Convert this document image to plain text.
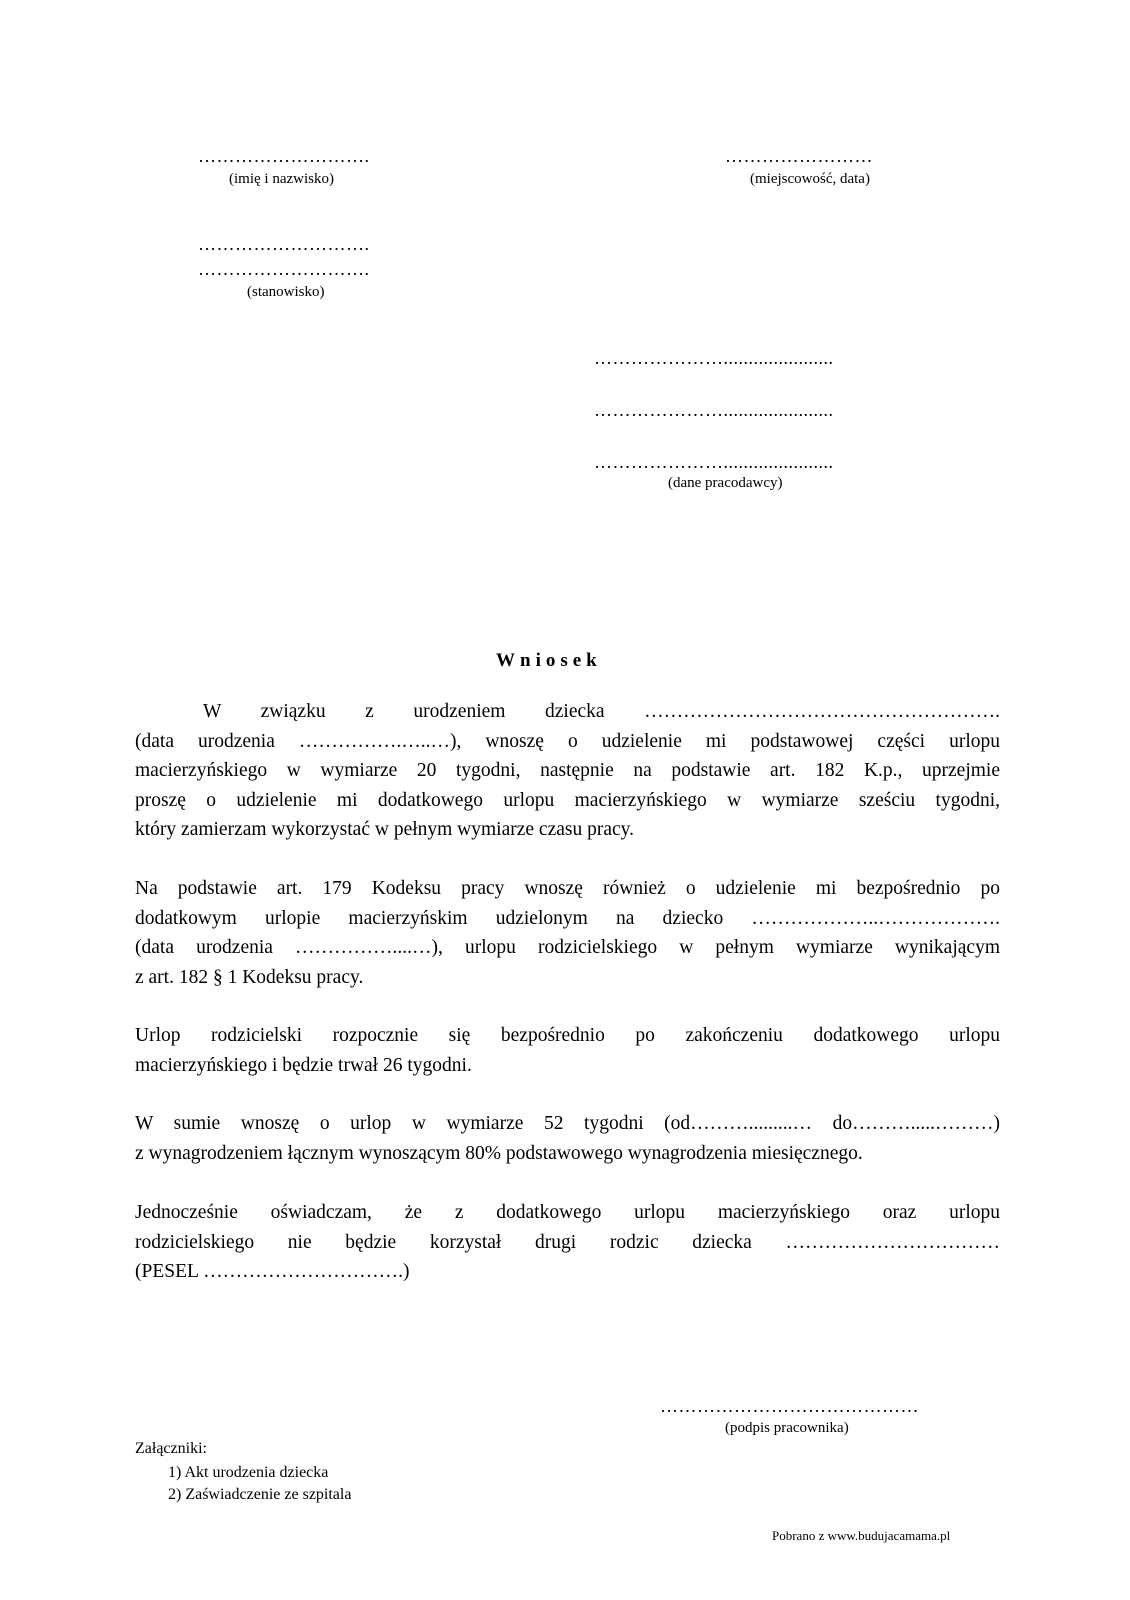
……………………….
(imię i nazwisko)
……………………
(miejscowość, data)
……………………….
……………………….
(stanowisko)
…………………......................
…………………......................
…………………......................
(dane pracodawcy)
Wniosek
W związku z urodzeniem dziecka ……………………………………………….
(data urodzenia …………….…..…), wnoszę o udzielenie mi podstawowej części urlopu
macierzyńskiego w wymiarze 20 tygodni, następnie na podstawie art. 182 K.p., uprzejmie
proszę o udzielenie mi dodatkowego urlopu macierzyńskiego w wymiarze sześciu tygodni,
który zamierzam wykorzystać w pełnym wymiarze czasu pracy.
Na podstawie art. 179 Kodeksu pracy wnoszę również o udzielenie mi bezpośrednio po
dodatkowym urlopie macierzyńskim udzielonym na dziecko ………………..……………….
(data urodzenia ……………....…), urlopu rodzicielskiego w pełnym wymiarze wynikającym
z art. 182 § 1 Kodeksu pracy.
Urlop rodzicielski rozpocznie się bezpośrednio po zakończeniu dodatkowego urlopu
macierzyńskiego i będzie trwał 26 tygodni.
W sumie wnoszę o urlop w wymiarze 52 tygodni (od……….........… do……….....………)
z wynagrodzeniem łącznym wynoszącym 80% podstawowego wynagrodzenia miesięcznego.
Jednocześnie oświadczam, że z dodatkowego urlopu macierzyńskiego oraz urlopu
rodzicielskiego nie będzie korzystał drugi rodzic dziecka ……………………………
(PESEL ………………………….)
……………………………………
(podpis pracownika)
Załączniki:
1) Akt urodzenia dziecka
2) Zaświadczenie ze szpitala
Pobrano z www.budujacamama.pl
